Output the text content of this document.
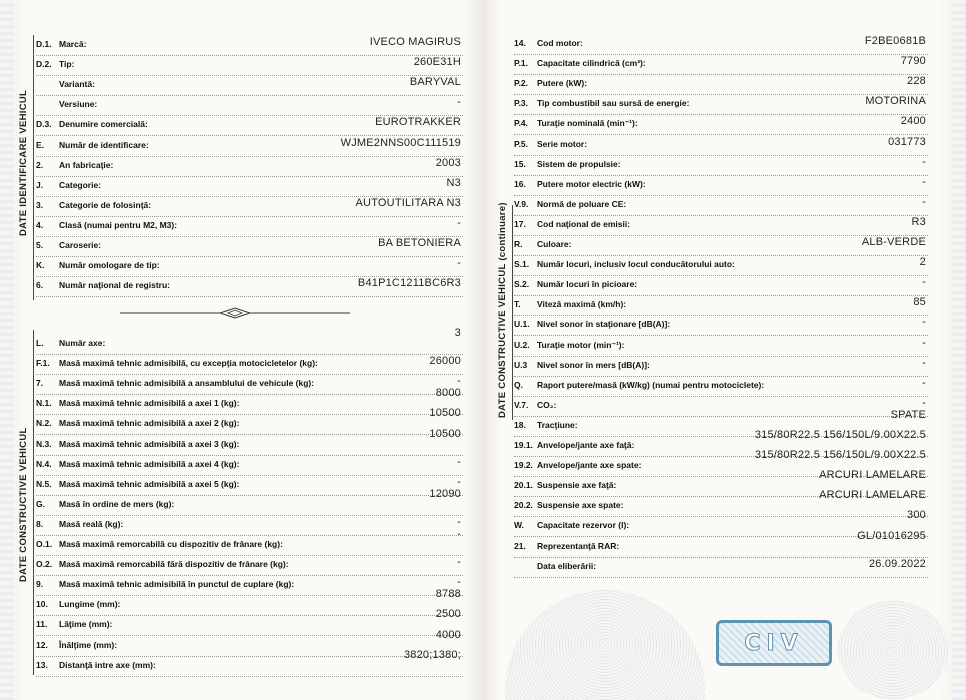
DATE IDENTIFICARE VEHICUL
DATE CONSTRUCTIVE VEHICUL
DATE CONSTRUCTIVE VEHICUL (continuare)
D.1. Marcă:	IVECO MAGIRUS
D.2. Tip:	260E31H
Variantă:	BARYVAL
Versiune:	-
D.3. Denumire comercială:	EUROTRAKKER
E.	Număr de identificare:	WJME2NNS00C111519
2.	An fabricaţie:	2003
J.	Categorie:	N3
3.	Categorie de folosinţă:	AUTOUTILITARA N3
4.	Clasă (numai pentru M2, M3):	-
5.	Caroserie:	BA BETONIERA
K.	Număr omologare de tip:	-
6.	Număr naţional de registru:	B41P1C1211BC6R3
L.	Număr axe:
3
F.1.	Masă maximă tehnic admisibilă, cu excepţia motocicletelor (kg):	26000
7.	Masă maximă tehnic admisibilă a ansamblului de vehicule (kg):	-
N.1. Masă maximă tehnic admisibilă a axei 1 (kg):
8000
N.2. Masă maximă tehnic admisibilă a axei 2 (kg):
10500
N.3. Masă maximă tehnic admisibilă a axei 3 (kg):
10500
N.4. Masă maximă tehnic admisibilă a axei 4 (kg):	-
N.5. Masă maximă tehnic admisibilă a axei 5 (kg):	-
G.	Masă în ordine de mers (kg):
12090
8.	Masă reală (kg):	-
O.1. Masă maximă remorcabilă cu dispozitiv de frânare (kg):
-
O.2. Masă maximă remorcabilă fără dispozitiv de frânare (kg):	-
9.	Masă maximă tehnic admisibilă în punctul de cuplare (kg):	-
10.	Lungime (mm):
8788
11.	Lăţime (mm):
2500
12.	Înălţime (mm):
4000
13.	Distanţă intre axe (mm):
3820;1380;
14.	Cod motor:	F2BE0681B
P.1.	Capacitate cilindrică (cm³):	7790
P.2.	Putere (kW):	228
P.3.	Tip combustibil sau sursă de energie:	MOTORINA
P.4.	Turaţie nominală (min⁻¹):	2400
P.5.	Serie motor:	031773
15.	Sistem de propulsie:	-
16.	Putere motor electric (kW):	-
V.9.	Normă de poluare CE:	-
17.	Cod naţional de emisii:	R3
R.	Culoare:	ALB-VERDE
S.1. Număr locuri, inclusiv locul conducătorului auto:	2
S.2. Număr locuri în picioare:	-
T.	Viteză maximă (km/h):	85
U.1. Nivel sonor în staţionare [dB(A)]:	-
U.2. Turaţie motor (min⁻¹):	-
U.3	Nivel sonor în mers [dB(A)]:	-
Q.	Raport putere/masă (kW/kg) (numai pentru motociclete):	-
V.7.	CO₂:	-
18.	Tracţiune:
SPATE
19.1. Anvelope/jante axe faţă:
315/80R22.5 156/150L/9.00X22.5
19.2. Anvelope/jante axe spate:
315/80R22.5 156/150L/9.00X22.5
20.1. Suspensie axe faţă:
ARCURI LAMELARE
20.2. Suspensie axe spate:
ARCURI LAMELARE
W.	Capacitate rezervor (l):
300
21.	Reprezentanţă RAR:
GL/01016295
Data eliberării:	26.09.2022
CIV
